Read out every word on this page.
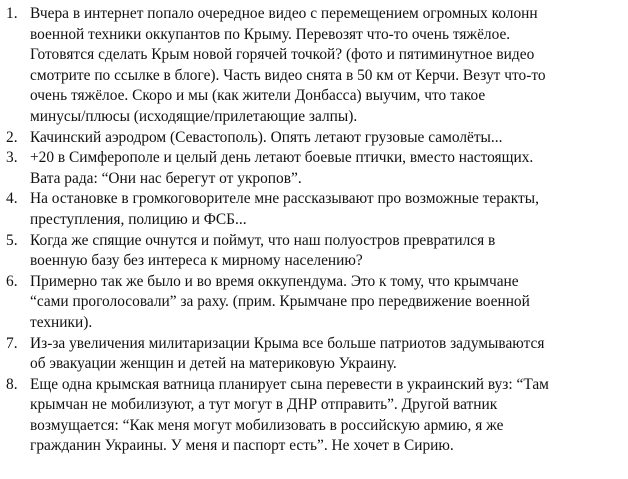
1. Вчера в интернет попало очередное видео с перемещением огромных колонн
военной техники оккупантов по Крыму. Перевозят что-то очень тяжёлое.
Готовятся сделать Крым новой горячей точкой? (фото и пятиминутное видео
смотрите по ссылке в блоге). Часть видео снята в 50 км от Керчи. Везут что-то
очень тяжёлое. Скоро и мы (как жители Донбасса) выучим, что такое
минусы/плюсы (исходящие/прилетающие залпы).
2. Качинский аэродром (Севастополь). Опять летают грузовые самолёты...
3. +20 в Симферополе и целый день летают боевые птички, вместо настоящих.
Вата рада: “Они нас берегут от укропов”.
4. На остановке в громкоговорителе мне рассказывают про возможные теракты,
преступления, полицию и ФСБ...
5. Когда же спящие очнутся и поймут, что наш полуостров превратился в
военную базу без интереса к мирному населению?
6. Примерно так же было и во время оккупендума. Это к тому, что крымчане
“сами проголосовали” за раху. (прим. Крымчане про передвижение военной
техники).
7. Из-за увеличения милитаризации Крыма все больше патриотов задумываются
об эвакуации женщин и детей на материковую Украину.
8. Еще одна крымская ватница планирует сына перевести в украинский вуз: “Там
крымчан не мобилизуют, а тут могут в ДНР отправить”. Другой ватник
возмущается: “Как меня могут мобилизовать в российскую армию, я же
гражданин Украины. У меня и паспорт есть”. Не хочет в Сирию.
